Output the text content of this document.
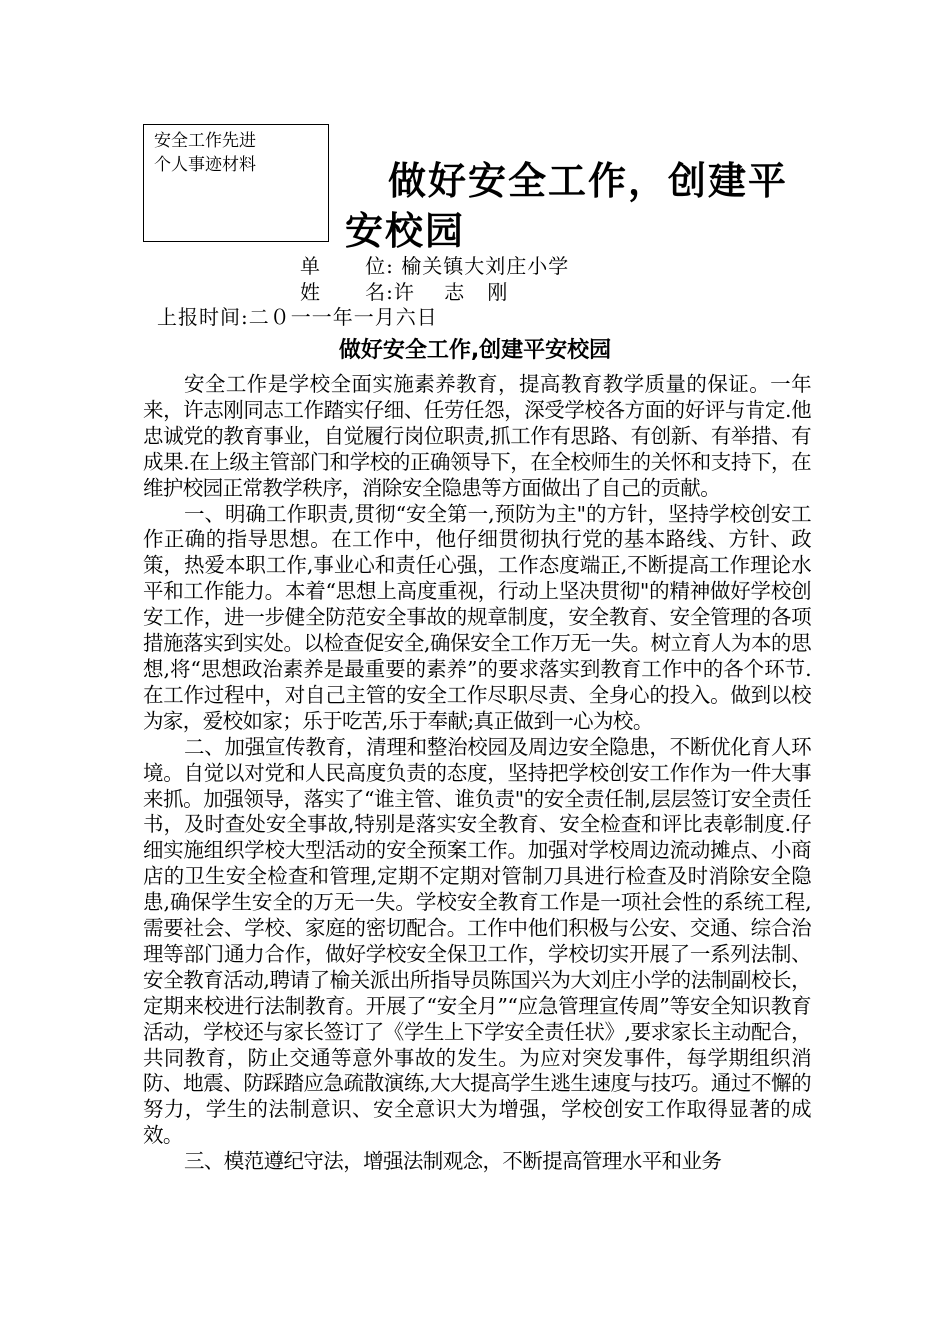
安全工作先进
个人事迹材料	做好安全工作，创建平
安校园
单      位: 榆关镇大刘庄小学
姓      名:许    志   刚
上报时间:二０一一年一月六日
做好安全工作,创建平安校园

安全工作是学校全面实施素养教育，提高教育教学质量的保证。一年来，许志刚同志工作踏实仔细、任劳任怨，深受学校各方面的好评与肯定.他忠诚党的教育事业，自觉履行岗位职责,抓工作有思路、有创新、有举措、有成果.在上级主管部门和学校的正确领导下，在全校师生的关怀和支持下，在维护校园正常教学秩序，消除安全隐患等方面做出了自己的贡献。

一、明确工作职责,贯彻“安全第一,预防为主"的方针，坚持学校创安工作正确的指导思想。在工作中，他仔细贯彻执行党的基本路线、方针、政策，热爱本职工作,事业心和责任心强，工作态度端正,不断提高工作理论水平和工作能力。本着“思想上高度重视，行动上坚决贯彻"的精神做好学校创安工作，进一步健全防范安全事故的规章制度，安全教育、安全管理的各项措施落实到实处。以检查促安全,确保安全工作万无一失。树立育人为本的思想,将“思想政治素养是最重要的素养”的要求落实到教育工作中的各个环节.在工作过程中，对自己主管的安全工作尽职尽责、全身心的投入。做到以校为家，爱校如家；乐于吃苦,乐于奉献;真正做到一心为校。

二、加强宣传教育，清理和整治校园及周边安全隐患，不断优化育人环境。自觉以对党和人民高度负责的态度，坚持把学校创安工作作为一件大事来抓。加强领导，落实了“谁主管、谁负责"的安全责任制,层层签订安全责任书，及时查处安全事故,特别是落实安全教育、安全检查和评比表彰制度.仔细实施组织学校大型活动的安全预案工作。加强对学校周边流动摊点、小商店的卫生安全检查和管理,定期不定期对管制刀具进行检查及时消除安全隐患,确保学生安全的万无一失。学校安全教育工作是一项社会性的系统工程,需要社会、学校、家庭的密切配合。工作中他们积极与公安、交通、综合治理等部门通力合作，做好学校安全保卫工作，学校切实开展了一系列法制、安全教育活动,聘请了榆关派出所指导员陈国兴为大刘庄小学的法制副校长，定期来校进行法制教育。开展了“安全月”“应急管理宣传周”等安全知识教育活动，学校还与家长签订了《学生上下学安全责任状》,要求家长主动配合，共同教育，防止交通等意外事故的发生。为应对突发事件，每学期组织消防、地震、防踩踏应急疏散演练,大大提高学生逃生速度与技巧。通过不懈的努力，学生的法制意识、安全意识大为增强，学校创安工作取得显著的成效。

三、模范遵纪守法，增强法制观念，不断提高管理水平和业务
